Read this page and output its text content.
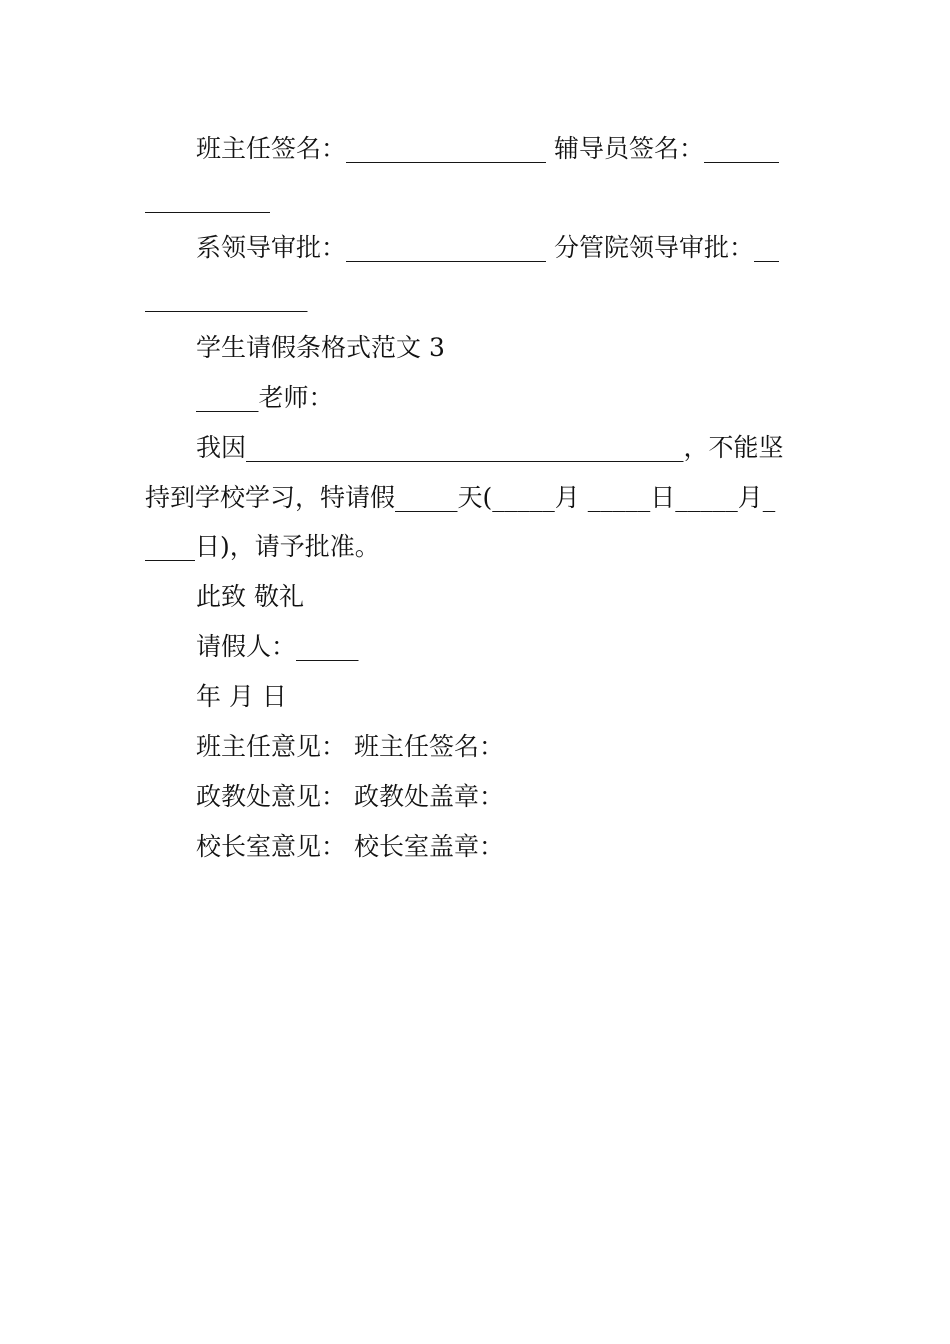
班主任签名：________________ 辅导员签名：______
__________
系领导审批：________________ 分管院领导审批：__
_____________
学生请假条格式范文 3
_____老师：
我因___________________________________，不能坚
持到学校学习，特请假_____天(_____月 _____日_____月_
____日)，请予批准。
此致 敬礼
请假人：_____
年 月 日
班主任意见： 班主任签名：
政教处意见： 政教处盖章：
校长室意见： 校长室盖章：
